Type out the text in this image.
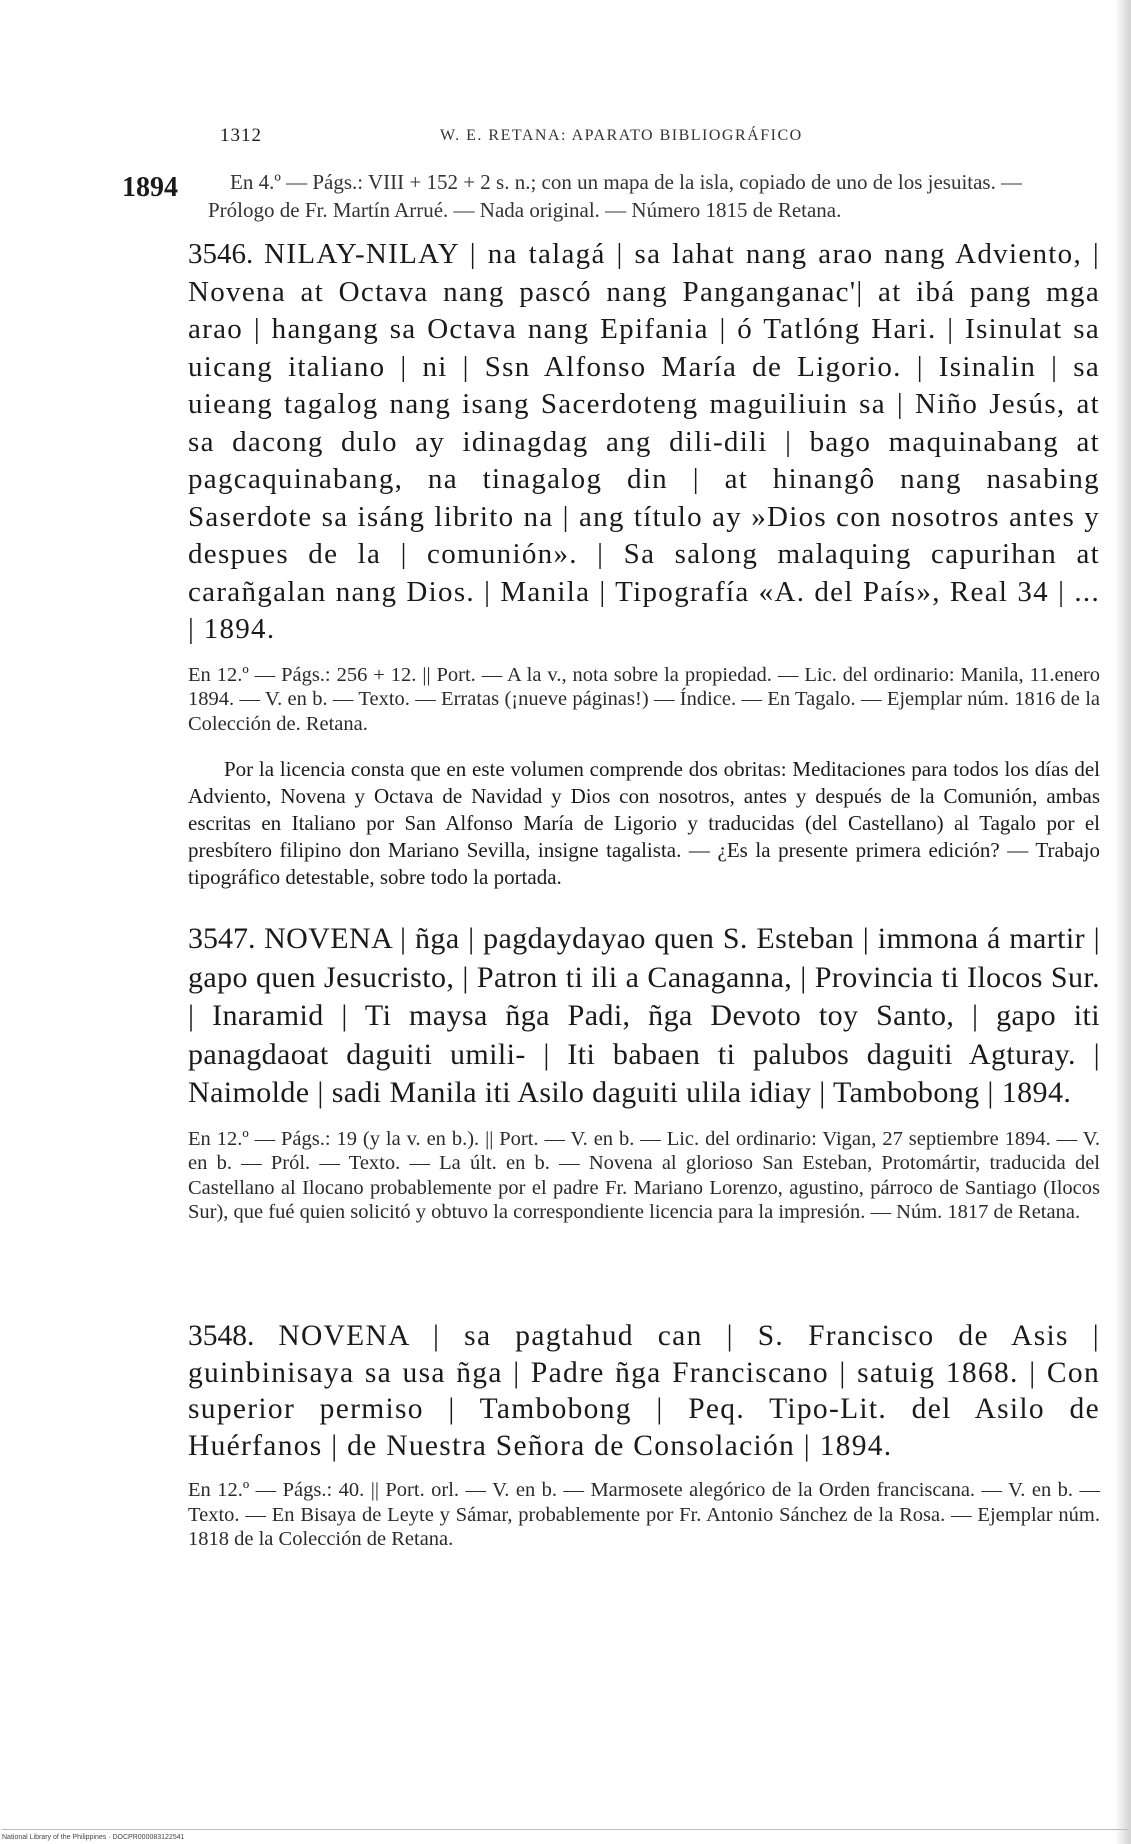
1312	W. E. RETANA: APARATO BIBLIOGRÁFICO
1894	En 4.º — Págs.: VIII + 152 + 2 s. n.; con un mapa de la isla, copiado de uno de los jesuitas. — Prólogo de Fr. Martín Arrué. — Nada original. — Número 1815 de Retana.

3546. NILAY-NILAY | na talagá | sa lahat nang arao nang Adviento, | Novena at Octava nang pascó nang Panganganac'| at ibá pang mga arao | hangang sa Octava nang Epifania | ó Tatlóng Hari. | Isinulat sa uicang italiano | ni | Ssn Alfonso María de Ligorio. | Isinalin | sa uieang tagalog nang isang Sacerdoteng maguiliuin sa | Niño Jesús, at sa dacong dulo ay idinagdag ang dili-dili | bago maquinabang at pagcaquinabang, na tinagalog din | at hinangô nang nasabing Saserdote sa isáng librito na | ang título ay »Dios con nosotros antes y despues de la | comunión». | Sa salong malaquing capurihan at carañgalan nang Dios. | Manila | Tipografía «A. del País», Real 34 | ... | 1894.

En 12.º — Págs.: 256 + 12. || Port. — A la v., nota sobre la propiedad. — Lic. del ordinario: Manila, 11.enero 1894. — V. en b. — Texto. — Erratas (¡nueve páginas!) — Índice. — En Tagalo. — Ejemplar núm. 1816 de la Colección de. Retana.

Por la licencia consta que en este volumen comprende dos obritas: Meditaciones para todos los días del Adviento, Novena y Octava de Navidad y Dios con nosotros, antes y después de la Comunión, ambas escritas en Italiano por San Alfonso María de Ligorio y traducidas (del Castellano) al Tagalo por el presbítero filipino don Mariano Sevilla, insigne tagalista. — ¿Es la presente primera edición? — Trabajo tipográfico detestable, sobre todo la portada.

3547. NOVENA | ñga | pagdaydayao quen S. Esteban | immona á martir | gapo quen Jesucristo, | Patron ti ili a Canaganna, | Provincia ti Ilocos Sur. | Inaramid | Ti maysa ñga Padi, ñga Devoto toy Santo, | gapo iti panagdaoat daguiti umili- | Iti babaen ti palubos daguiti Agturay. | Naimolde | sadi Manila iti Asilo daguiti ulila idiay | Tambobong | 1894.

En 12.º — Págs.: 19 (y la v. en b.). || Port. — V. en b. — Lic. del ordinario: Vigan, 27 septiembre 1894. — V. en b. — Pról. — Texto. — La últ. en b. — Novena al glorioso San Esteban, Protomártir, traducida del Castellano al Ilocano probablemente por el padre Fr. Mariano Lorenzo, agustino, párroco de Santiago (Ilocos Sur), que fué quien solicitó y obtuvo la correspondiente licencia para la impresión. — Núm. 1817 de Retana.

3548. NOVENA | sa pagtahud can | S. Francisco de Asis | guinbinisaya sa usa ñga | Padre ñga Franciscano | satuig 1868. | Con superior permiso | Tambobong | Peq. Tipo-Lit. del Asilo de Huérfanos | de Nuestra Señora de Consolación | 1894.

En 12.º — Págs.: 40. || Port. orl. — V. en b. — Marmosete alegórico de la Orden franciscana. — V. en b. — Texto. — En Bisaya de Leyte y Sámar, probablemente por Fr. Antonio Sánchez de la Rosa. — Ejemplar núm. 1818 de la Colección de Retana.

National Library of the Philippines · DOCPR000083122541
